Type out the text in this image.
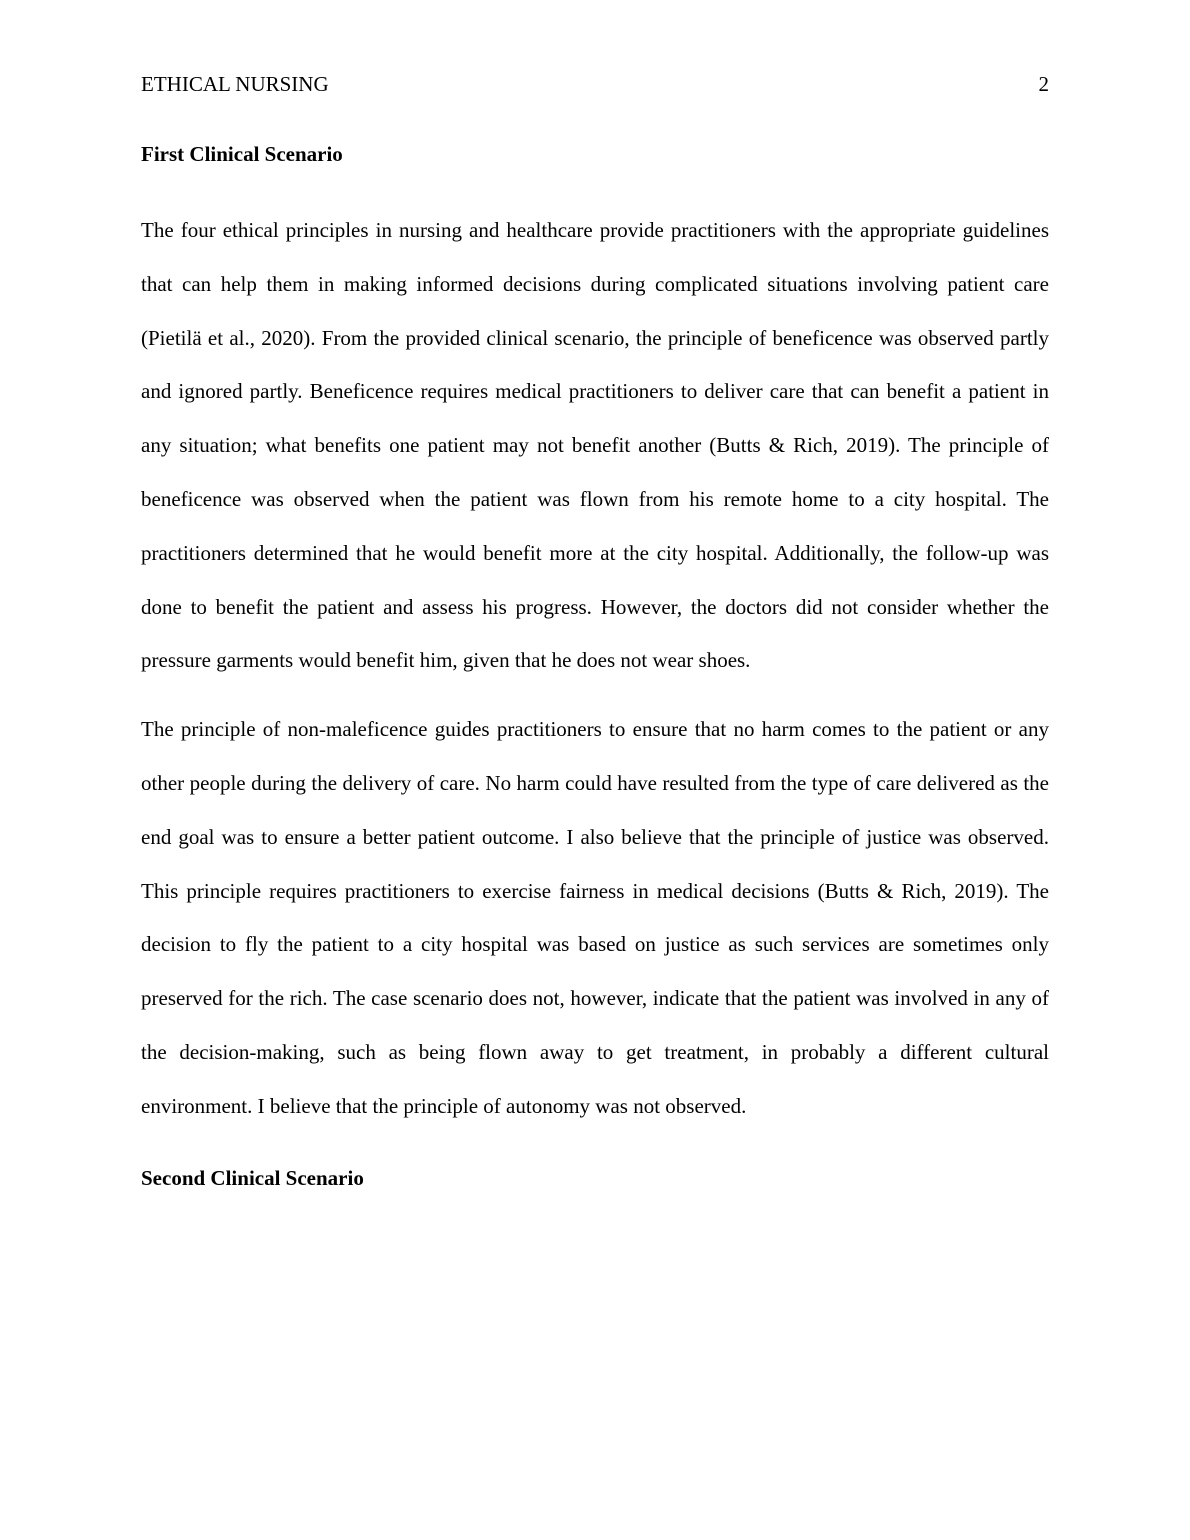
ETHICAL NURSING	2
First Clinical Scenario

The four ethical principles in nursing and healthcare provide practitioners with the appropriate guidelines that can help them in making informed decisions during complicated situations involving patient care (Pietilä et al., 2020). From the provided clinical scenario, the principle of beneficence was observed partly and ignored partly. Beneficence requires medical practitioners to deliver care that can benefit a patient in any situation; what benefits one patient may not benefit another (Butts & Rich, 2019). The principle of beneficence was observed when the patient was flown from his remote home to a city hospital. The practitioners determined that he would benefit more at the city hospital. Additionally, the follow-up was done to benefit the patient and assess his progress. However, the doctors did not consider whether the pressure garments would benefit him, given that he does not wear shoes.

The principle of non-maleficence guides practitioners to ensure that no harm comes to the patient or any other people during the delivery of care. No harm could have resulted from the type of care delivered as the end goal was to ensure a better patient outcome. I also believe that the principle of justice was observed. This principle requires practitioners to exercise fairness in medical decisions (Butts & Rich, 2019). The decision to fly the patient to a city hospital was based on justice as such services are sometimes only preserved for the rich. The case scenario does not, however, indicate that the patient was involved in any of the decision-making, such as being flown away to get treatment, in probably a different cultural environment. I believe that the principle of autonomy was not observed.

Second Clinical Scenario
